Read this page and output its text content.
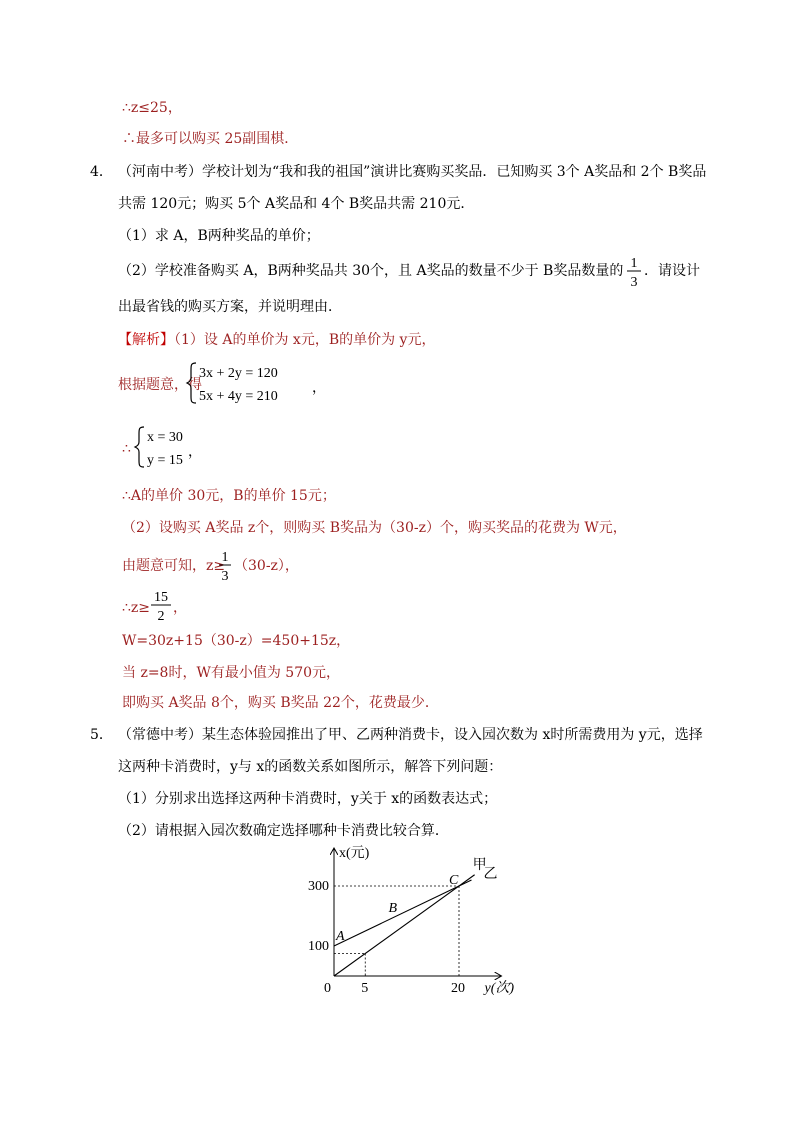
∴z≤25，
∴最多可以购买 25副围棋．
4． （河南中考）学校计划为“我和我的祖国”演讲比赛购买奖品．已知购买 3个 A奖品和 2个 B奖品
共需 120元；购买 5个 A奖品和 4个 B奖品共需 210元．
（1）求 A，B两种奖品的单价；
（2）学校准备购买 A，B两种奖品共 30个，且 A奖品的数量不少于 B奖品数量的 1
3
．请设计
出最省钱的购买方案，并说明理由．
【解析】（1）设 A的单价为 x元，B的单价为 y元，
根据题意，得
3x + 2y = 120
5x + 4y = 210
，
∴
x = 30
y = 15
，
∴A的单价 30元，B的单价 15元；
（2）设购买 A奖品 z个，则购买 B奖品为（30-z）个，购买奖品的花费为 W元，
由题意可知，z≥
1
3
（30-z），
∴z≥
15
2
，
W=30z+15（30-z）=450+15z，
当 z=8时，W有最小值为 570元，
即购买 A奖品 8个，购买 B奖品 22个，花费最少．
5． （常德中考）某生态体验园推出了甲、乙两种消费卡，设入园次数为 x时所需费用为 y元，选择
这两种卡消费时，y与 x的函数关系如图所示，解答下列问题：
（1）分别求出选择这两种卡消费时，y关于 x的函数表达式；
（2）请根据入园次数确定选择哪种卡消费比较合算．
x(元)
y(次)
0 5	20
100
300
甲
乙
A
B
C
